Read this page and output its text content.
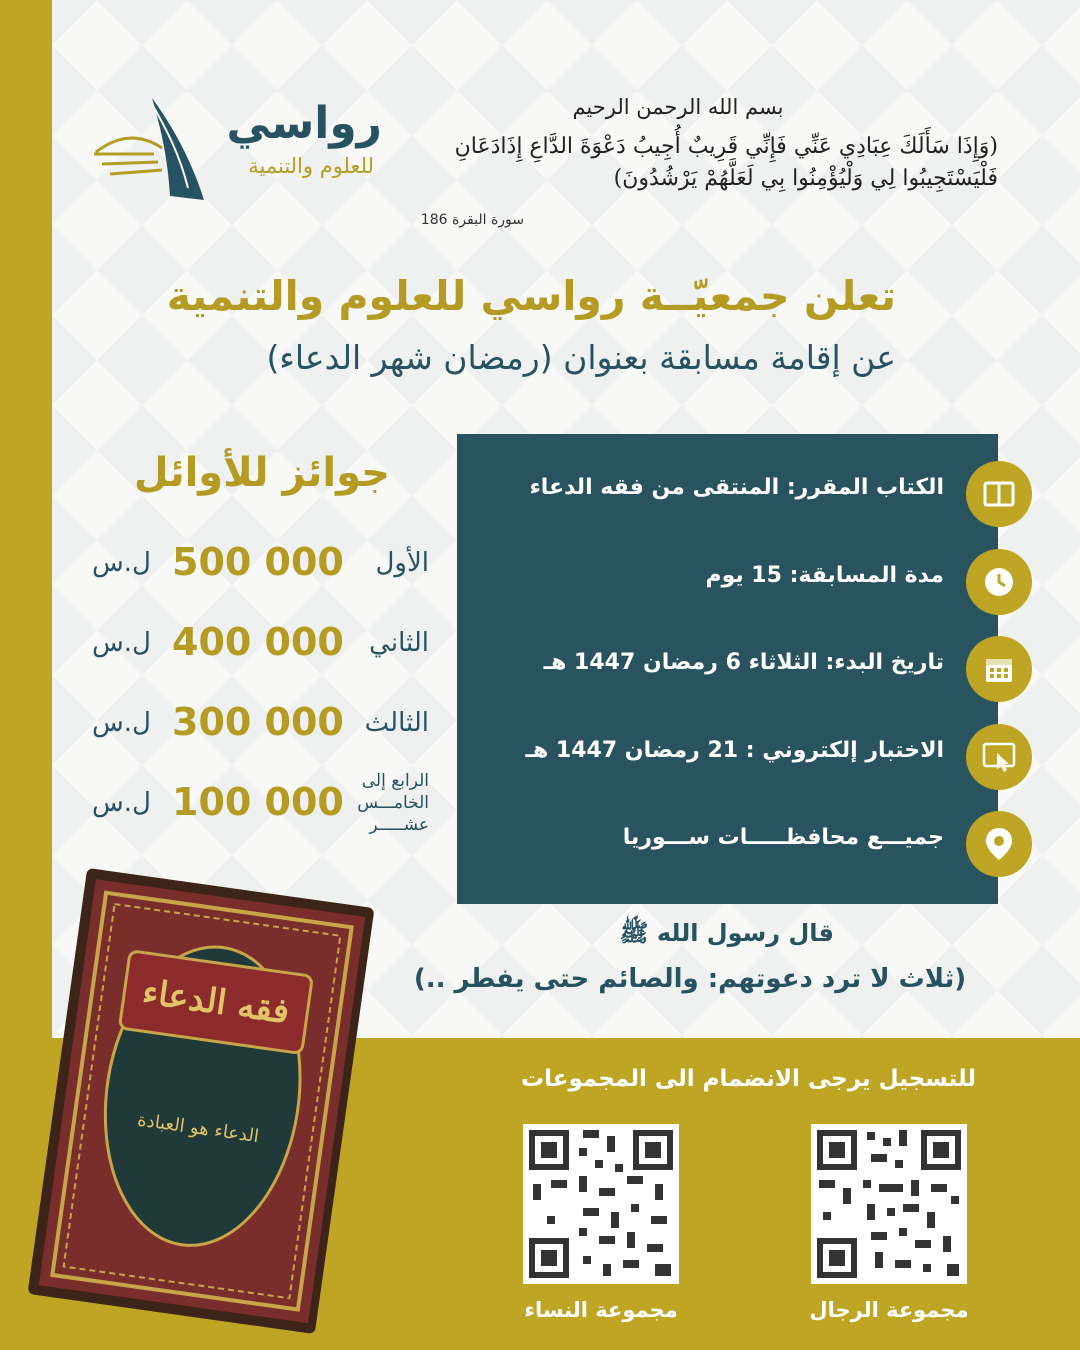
رواسي
للعلوم والتنمية
بسم الله الرحمن الرحيم
(وَإِذَا سَأَلَكَ عِبَادِي عَنِّي فَإِنِّي قَرِيبٌ أُجِيبُ دَعْوَةَ الدَّاعِ إِذَادَعَانِ فَلْيَسْتَجِيبُوا لِي وَلْيُؤْمِنُوا بِي لَعَلَّهُمْ يَرْشُدُونَ)
سورة البقرة 186
تعلن جمعيّــة رواسي للعلوم والتنمية
عن إقامة مسابقة بعنوان (رمضان شهر الدعاء)
الكتاب المقرر: المنتقى من فقه الدعاء
مدة المسابقة: 15 يوم
تاريخ البدء: الثلاثاء 6 رمضان 1447 هـ
الاختبار إلكتروني : 21 رمضان 1447 هـ
جميـــع محافظـــــات ســـوريا
جوائز للأوائل
الأول
500 000
ل.س
الثاني
400 000
ل.س
الثالث
300 000
ل.س
الرابع إلى الخامـــس عشـــــر
100 000
ل.س
قال رسول الله ﷺ
(ثلاث لا ترد دعوتهم: والصائم حتى يفطر ..)
فقه الدعاء
الدعاء هو العبادة
للتسجيل يرجى الانضمام الى المجموعات
مجموعة الرجال
مجموعة النساء
